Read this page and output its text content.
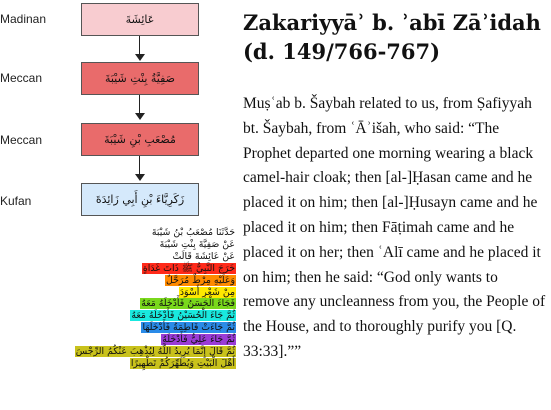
Madinan
Meccan
Meccan
Kufan
عَائِشَةَ
صَفِيَّةُ بِنْتِ شَيْبَةَ
مُصْعَبِ بْنِ شَيْبَةَ
زَكَرِيَّاءَ بْنِ أَبِي زَائِدَةَ
حَدَّثَنَا مُصْعَبُ بْنُ شَيْبَةَ
عَنْ صَفِيَّةَ بِنْتِ شَيْبَةَ
عَنْ عَائِشَةَ قَالَتْ
خَرَجَ النَّبِيُّ ﷺ ذَاتَ غَدَاةٍ
وَعَلَيْهِ مِرْطٌ مُرَحَّلٌ
مِنْ شَعْرٍ أَسْوَدَ
فَجَاءَ الْحَسَنُ فَأَدْخَلَهُ مَعَهُ
ثُمَّ جَاءَ الْحُسَيْنُ فَأَدْخَلَهُ مَعَهُ
ثُمَّ جَاءَتْ فَاطِمَةُ فَأَدْخَلَهَا
ثُمَّ جَاءَ عَلِيٌّ فَأَدْخَلَهُ
ثُمَّ قَالَ إِنَّمَا يُرِيدُ اللَّهُ لِيُذْهِبَ عَنْكُمُ الرِّجْسَ
أَهْلَ الْبَيْتِ وَيُطَهِّرَكُمْ تَطْهِيرًا
Zakariyyāʾ b. ʾabī Zāʾidah (d. 149/766-767)
Muṣʿab b. Šaybah related to us, from Ṣafiyyah bt. Šaybah, from ʿĀʾišah, who said: “The Prophet departed one morning wearing a black camel-hair cloak; then [al-]Ḥasan came and he placed it on him; then [al-]Ḥusayn came and he placed it on him; then Fāṭimah came and he placed it on her; then ʿAlī came and he placed it on him; then he said: “God only wants to remove any uncleanness from you, the People of the House, and to thoroughly purify you [Q. 33:33].””
